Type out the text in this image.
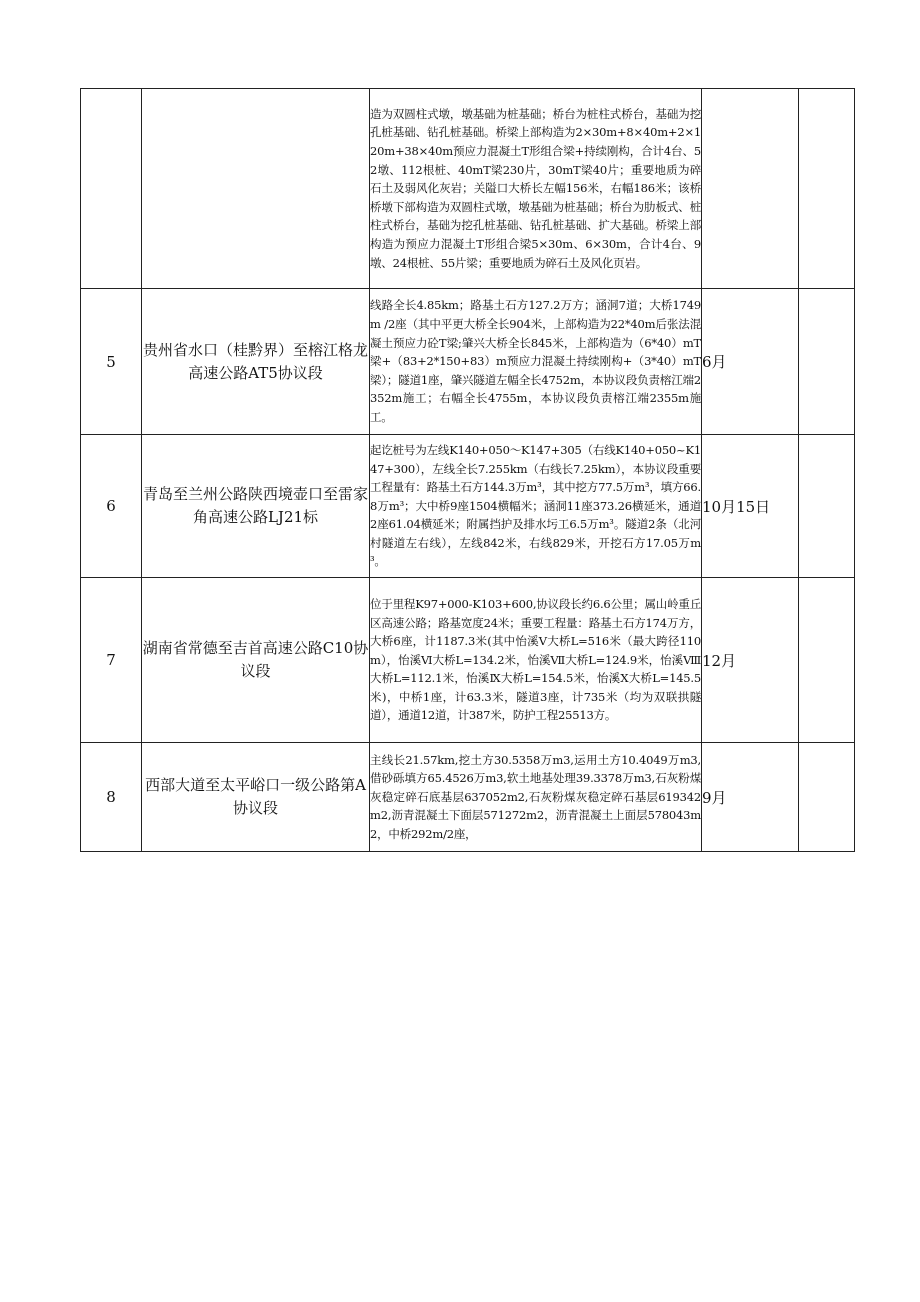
		造为双圆柱式墩，墩基础为桩基础；桥台为桩柱式桥台，基础为挖孔桩基础、钻孔桩基础。桥梁上部构造为2×30m+8×40m+2×120m+38×40m预应力混凝土T形组合梁+持续刚构，合计4台、52墩、112根桩、40mT梁230片，30mT梁40片；重要地质为碎石土及弱风化灰岩；关隘口大桥长左幅156米，右幅186米；该桥桥墩下部构造为双圆柱式墩，墩基础为桩基础；桥台为肋板式、桩柱式桥台，基础为挖孔桩基础、钻孔桩基础、扩大基础。桥梁上部构造为预应力混凝土T形组合梁5×30m、6×30m，合计4台、9墩、24根桩、55片梁；重要地质为碎石土及风化页岩。		
5	贵州省水口（桂黔界）至榕江格龙高速公路AT5协议段	线路全长4.85km；路基土石方127.2万方；涵洞7道；大桥1749m /2座（其中平更大桥全长904米，上部构造为22*40m后张法混凝土预应力砼T梁;肇兴大桥全长845米，上部构造为（6*40）mT梁+（83+2*150+83）m预应力混凝土持续刚构+（3*40）mT梁）；隧道1座，肇兴隧道左幅全长4752m，本协议段负责榕江端2352m施工；右幅全长4755m，本协议段负责榕江端2355m施工。	6月	
6	青岛至兰州公路陕西境壶口至雷家角高速公路LJ21标	起讫桩号为左线K140+050～K147+305（右线K140+050~K147+300），左线全长7.255km（右线长7.25km），本协议段重要工程量有：路基土石方144.3万m³，其中挖方77.5万m³，填方66.8万m³；大中桥9座1504横幅米；涵洞11座373.26横延米，通道2座61.04横延米；附属挡护及排水圬工6.5万m³。隧道2条（北河村隧道左右线），左线842米，右线829米，开挖石方17.05万m³。	10月15日	
7	湖南省常德至吉首高速公路C10协议段	位于里程K97+000-K103+600,协议段长约6.6公里；属山岭重丘区高速公路；路基宽度24米；重要工程量：路基土石方174万方，大桥6座，计1187.3米(其中怡溪Ⅴ大桥L=516米（最大跨径110m），怡溪Ⅵ大桥L=134.2米，怡溪Ⅶ大桥L=124.9米，怡溪Ⅷ大桥L=112.1米，怡溪Ⅸ大桥L=154.5米，怡溪Ⅹ大桥L=145.5米)，中桥1座，计63.3米，隧道3座，计735米（均为双联拱隧道），通道12道，计387米，防护工程25513方。	12月	
8	西部大道至太平峪口一级公路第A协议段	主线长21.57km,挖土方30.5358万m3,运用土方10.4049万m3,借砂砾填方65.4526万m3,软土地基处理39.3378万m3,石灰粉煤灰稳定碎石底基层637052m2,石灰粉煤灰稳定碎石基层619342m2,沥青混凝土下面层571272m2，沥青混凝土上面层578043m2，中桥292m/2座，	9月	
